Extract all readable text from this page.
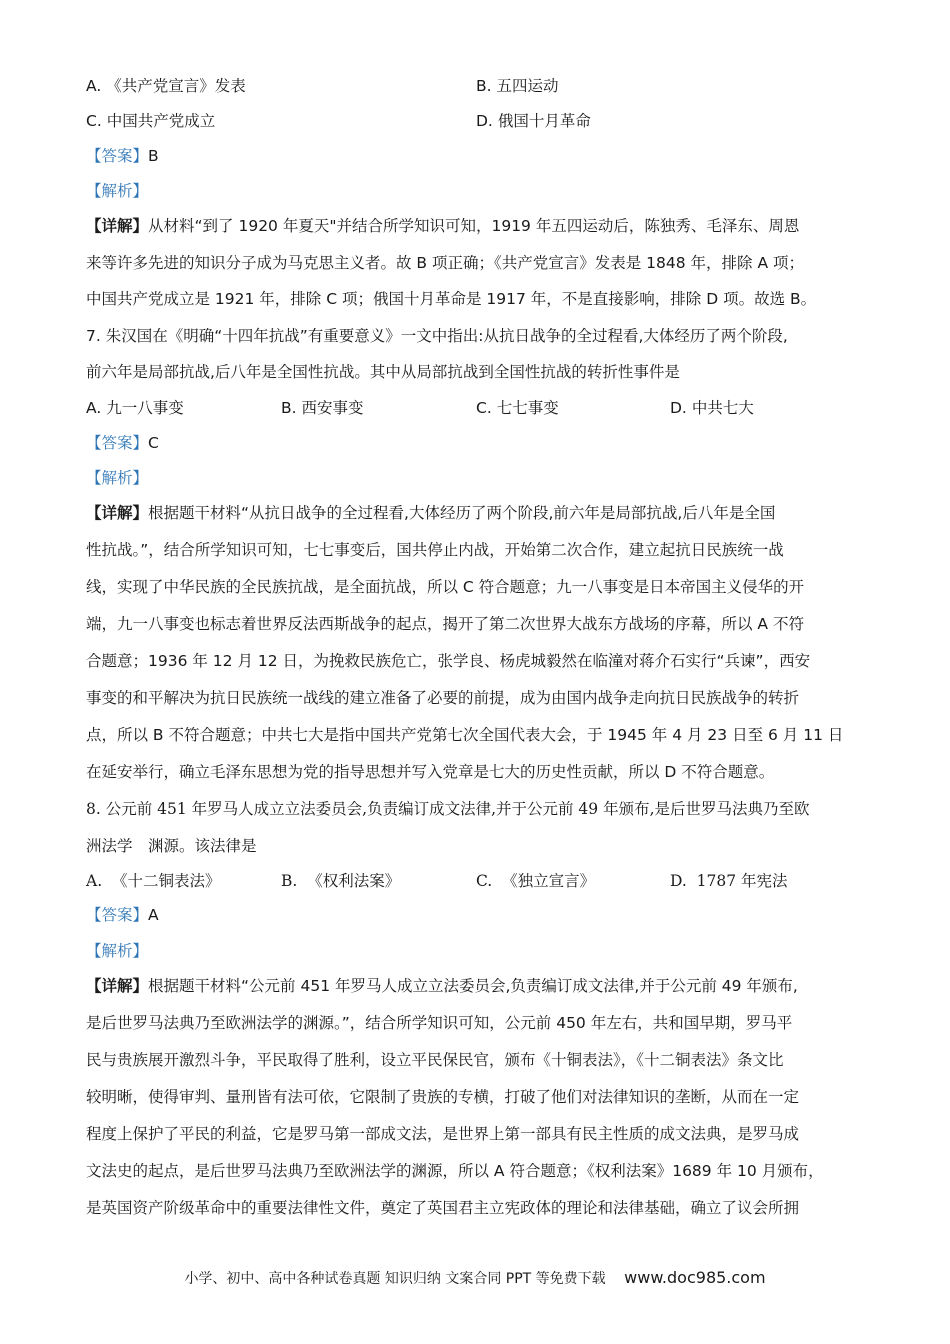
A. 《共产党宣言》发表	B. 五四运动
C. 中国共产党成立	D. 俄国十月革命
【答案】B
【解析】
【详解】从材料“到了 1920 年夏天"并结合所学知识可知，1919 年五四运动后，陈独秀、毛泽东、周恩
来等许多先进的知识分子成为马克思主义者。故 B 项正确；《共产党宣言》发表是 1848 年，排除 A 项；
中国共产党成立是 1921 年，排除 C 项；俄国十月革命是 1917 年，不是直接影响，排除 D 项。故选 B。
7. 朱汉国在《明确“十四年抗战”有重要意义》一文中指出:从抗日战争的全过程看,大体经历了两个阶段,
前六年是局部抗战,后八年是全国性抗战。其中从局部抗战到全国性抗战的转折性事件是
A. 九一八事变	B. 西安事变	C. 七七事变	D. 中共七大
【答案】C
【解析】
【详解】根据题干材料“从抗日战争的全过程看,大体经历了两个阶段,前六年是局部抗战,后八年是全国
性抗战。”，结合所学知识可知，七七事变后，国共停止内战，开始第二次合作，建立起抗日民族统一战
线，实现了中华民族的全民族抗战，是全面抗战，所以 C 符合题意；九一八事变是日本帝国主义侵华的开
端，九一八事变也标志着世界反法西斯战争的起点，揭开了第二次世界大战东方战场的序幕，所以 A 不符
合题意；1936 年 12 月 12 日，为挽救民族危亡，张学良、杨虎城毅然在临潼对蒋介石实行“兵谏”，西安
事变的和平解决为抗日民族统一战线的建立准备了必要的前提，成为由国内战争走向抗日民族战争的转折
点，所以 B 不符合题意；中共七大是指中国共产党第七次全国代表大会，于 1945 年 4 月 23 日至 6 月 11 日
在延安举行，确立毛泽东思想为党的指导思想并写入党章是七大的历史性贡献，所以 D 不符合题意。
8. 公元前 451 年罗马人成立立法委员会,负责编订成文法律,并于公元前 49 年颁布,是后世罗马法典乃至欧
洲法学　渊源。该法律是
A. 《十二铜表法》	B. 《权利法案》	C. 《独立宣言》	D. 1787 年宪法
【答案】A
【解析】
【详解】根据题干材料“公元前 451 年罗马人成立立法委员会,负责编订成文法律,并于公元前 49 年颁布,
是后世罗马法典乃至欧洲法学的渊源。”，结合所学知识可知，公元前 450 年左右，共和国早期，罗马平
民与贵族展开激烈斗争，平民取得了胜利，设立平民保民官，颁布《十铜表法》，《十二铜表法》条文比
较明晰，使得审判、量刑皆有法可依，它限制了贵族的专横，打破了他们对法律知识的垄断，从而在一定
程度上保护了平民的利益，它是罗马第一部成文法，是世界上第一部具有民主性质的成文法典，是罗马成
文法史的起点，是后世罗马法典乃至欧洲法学的渊源，所以 A 符合题意；《权利法案》1689 年 10 月颁布，
是英国资产阶级革命中的重要法律性文件，奠定了英国君主立宪政体的理论和法律基础，确立了议会所拥
小学、初中、高中各种试卷真题 知识归纳 文案合同 PPT 等免费下载 www.doc985.com
